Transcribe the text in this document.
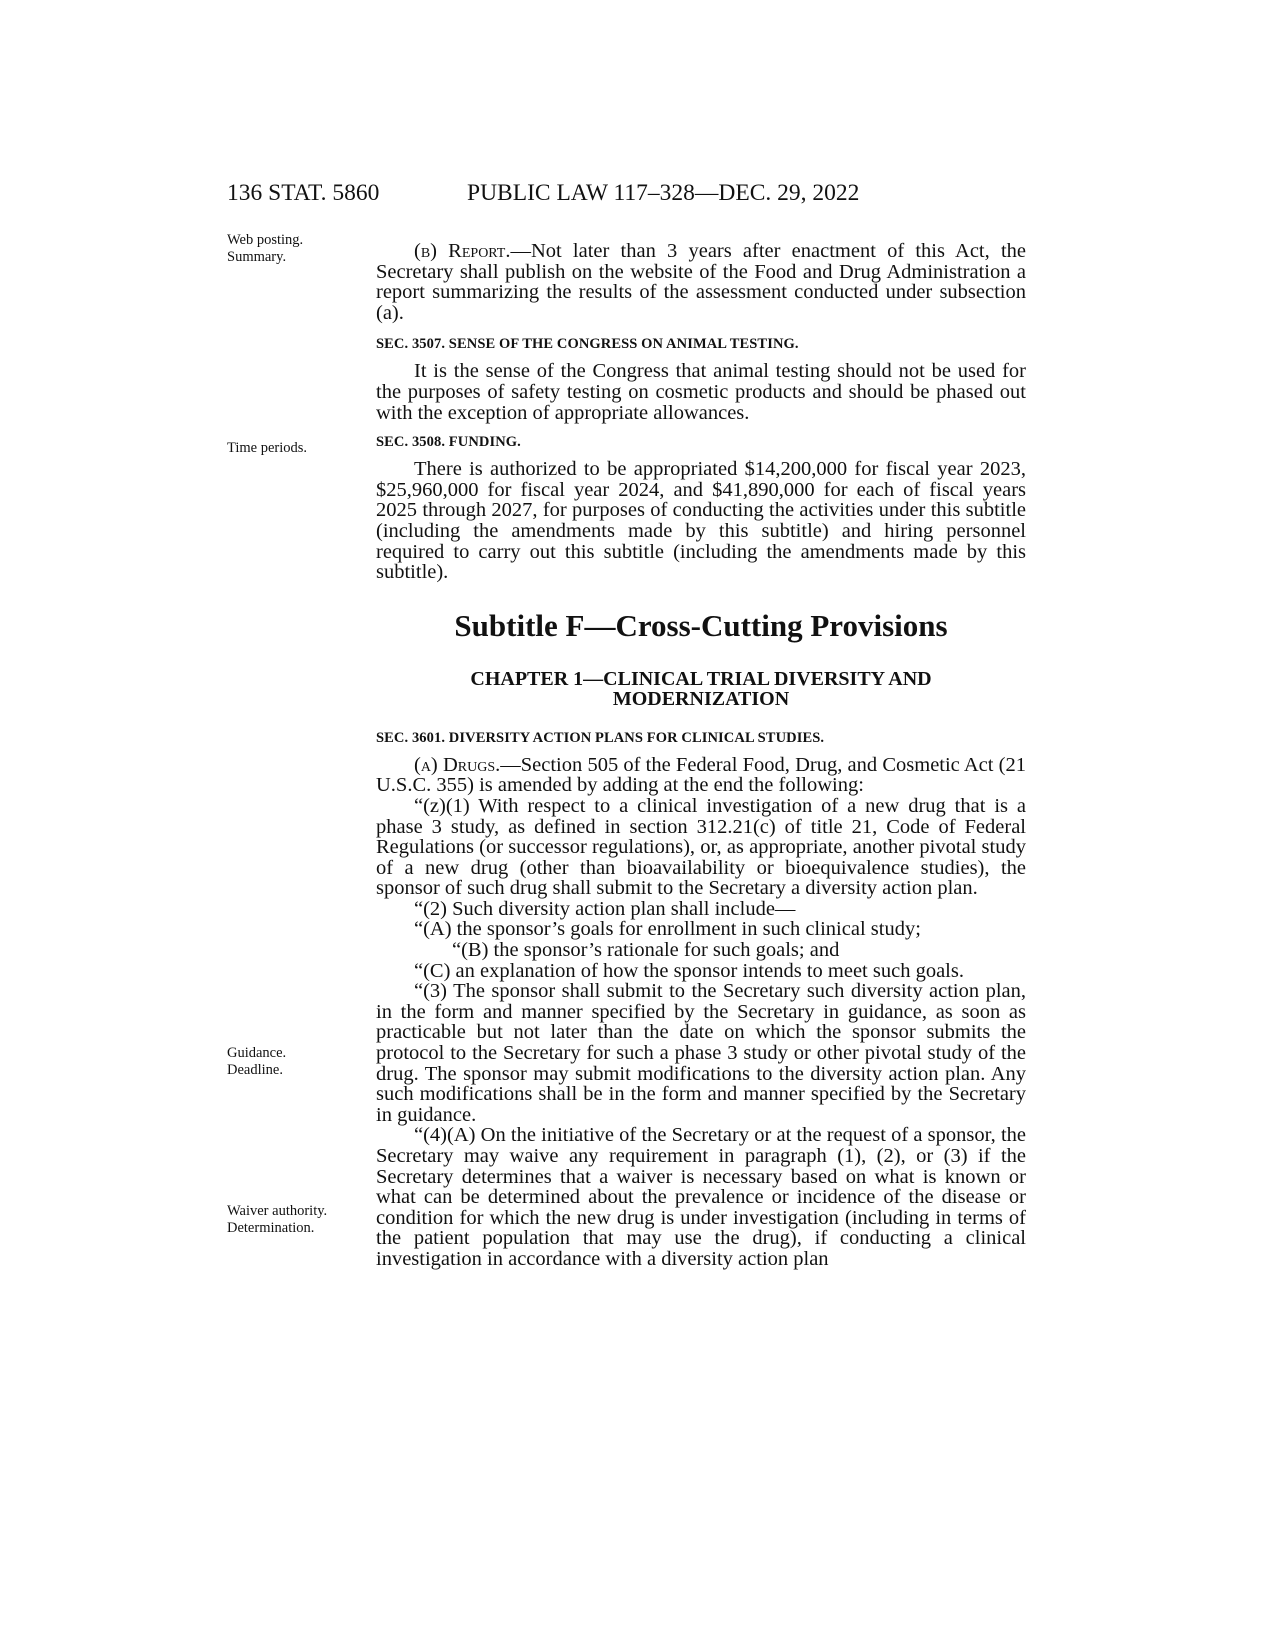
136 STAT. 5860	PUBLIC LAW 117–328—DEC. 29, 2022
Web posting.
Summary.
Time periods.
Guidance.
Deadline.
Waiver authority.
Determination.

(b) Report.—Not later than 3 years after enactment of this Act, the Secretary shall publish on the website of the Food and Drug Administration a report summarizing the results of the assessment conducted under subsection (a).

SEC. 3507. SENSE OF THE CONGRESS ON ANIMAL TESTING.

It is the sense of the Congress that animal testing should not be used for the purposes of safety testing on cosmetic products and should be phased out with the exception of appropriate allowances.

SEC. 3508. FUNDING.

There is authorized to be appropriated $14,200,000 for fiscal year 2023, $25,960,000 for fiscal year 2024, and $41,890,000 for each of fiscal years 2025 through 2027, for purposes of conducting the activities under this subtitle (including the amendments made by this subtitle) and hiring personnel required to carry out this subtitle (including the amendments made by this subtitle).

Subtitle F—Cross-Cutting Provisions
CHAPTER 1—CLINICAL TRIAL DIVERSITY AND MODERNIZATION
SEC. 3601. DIVERSITY ACTION PLANS FOR CLINICAL STUDIES.

(a) Drugs.—Section 505 of the Federal Food, Drug, and Cosmetic Act (21 U.S.C. 355) is amended by adding at the end the following:

“(z)(1) With respect to a clinical investigation of a new drug that is a phase 3 study, as defined in section 312.21(c) of title 21, Code of Federal Regulations (or successor regulations), or, as appropriate, another pivotal study of a new drug (other than bioavailability or bioequivalence studies), the sponsor of such drug shall submit to the Secretary a diversity action plan.

“(2) Such diversity action plan shall include—

“(A) the sponsor’s goals for enrollment in such clinical study;

“(B) the sponsor’s rationale for such goals; and

“(C) an explanation of how the sponsor intends to meet such goals.

“(3) The sponsor shall submit to the Secretary such diversity action plan, in the form and manner specified by the Secretary in guidance, as soon as practicable but not later than the date on which the sponsor submits the protocol to the Secretary for such a phase 3 study or other pivotal study of the drug. The sponsor may submit modifications to the diversity action plan. Any such modifications shall be in the form and manner specified by the Secretary in guidance.

“(4)(A) On the initiative of the Secretary or at the request of a sponsor, the Secretary may waive any requirement in paragraph (1), (2), or (3) if the Secretary determines that a waiver is necessary based on what is known or what can be determined about the prevalence or incidence of the disease or condition for which the new drug is under investigation (including in terms of the patient population that may use the drug), if conducting a clinical investigation in accordance with a diversity action plan
